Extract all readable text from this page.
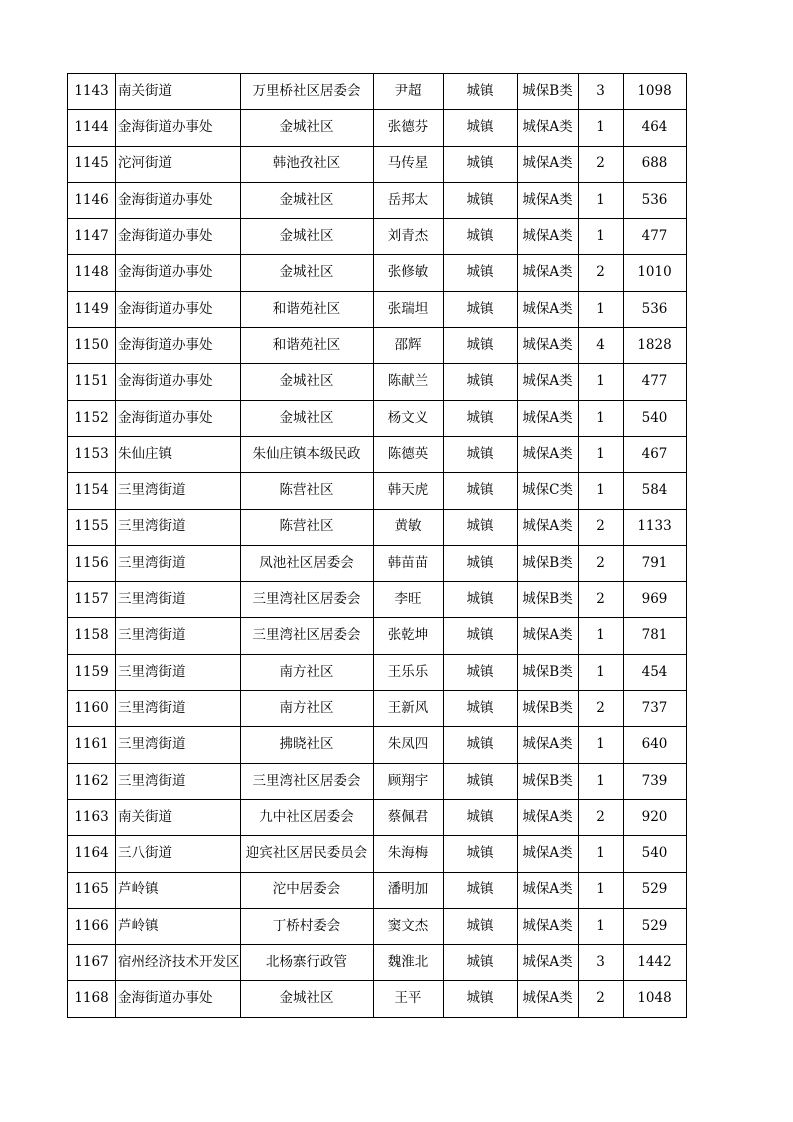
1143	南关街道	万里桥社区居委会	尹超	城镇	城保B类	3	1098
1144	金海街道办事处	金城社区	张德芬	城镇	城保A类	1	464
1145	沱河街道	韩池孜社区	马传星	城镇	城保A类	2	688
1146	金海街道办事处	金城社区	岳邦太	城镇	城保A类	1	536
1147	金海街道办事处	金城社区	刘青杰	城镇	城保A类	1	477
1148	金海街道办事处	金城社区	张修敏	城镇	城保A类	2	1010
1149	金海街道办事处	和谐苑社区	张瑞坦	城镇	城保A类	1	536
1150	金海街道办事处	和谐苑社区	邵辉	城镇	城保A类	4	1828
1151	金海街道办事处	金城社区	陈献兰	城镇	城保A类	1	477
1152	金海街道办事处	金城社区	杨文义	城镇	城保A类	1	540
1153	朱仙庄镇	朱仙庄镇本级民政	陈德英	城镇	城保A类	1	467
1154	三里湾街道	陈营社区	韩天虎	城镇	城保C类	1	584
1155	三里湾街道	陈营社区	黄敏	城镇	城保A类	2	1133
1156	三里湾街道	凤池社区居委会	韩苗苗	城镇	城保B类	2	791
1157	三里湾街道	三里湾社区居委会	李旺	城镇	城保B类	2	969
1158	三里湾街道	三里湾社区居委会	张乾坤	城镇	城保A类	1	781
1159	三里湾街道	南方社区	王乐乐	城镇	城保B类	1	454
1160	三里湾街道	南方社区	王新风	城镇	城保B类	2	737
1161	三里湾街道	拂晓社区	朱凤四	城镇	城保A类	1	640
1162	三里湾街道	三里湾社区居委会	顾翔宇	城镇	城保B类	1	739
1163	南关街道	九中社区居委会	蔡佩君	城镇	城保A类	2	920
1164	三八街道	迎宾社区居民委员会	朱海梅	城镇	城保A类	1	540
1165	芦岭镇	沱中居委会	潘明加	城镇	城保A类	1	529
1166	芦岭镇	丁桥村委会	窦文杰	城镇	城保A类	1	529
1167	宿州经济技术开发区	北杨寨行政管	魏淮北	城镇	城保A类	3	1442
1168	金海街道办事处	金城社区	王平	城镇	城保A类	2	1048
